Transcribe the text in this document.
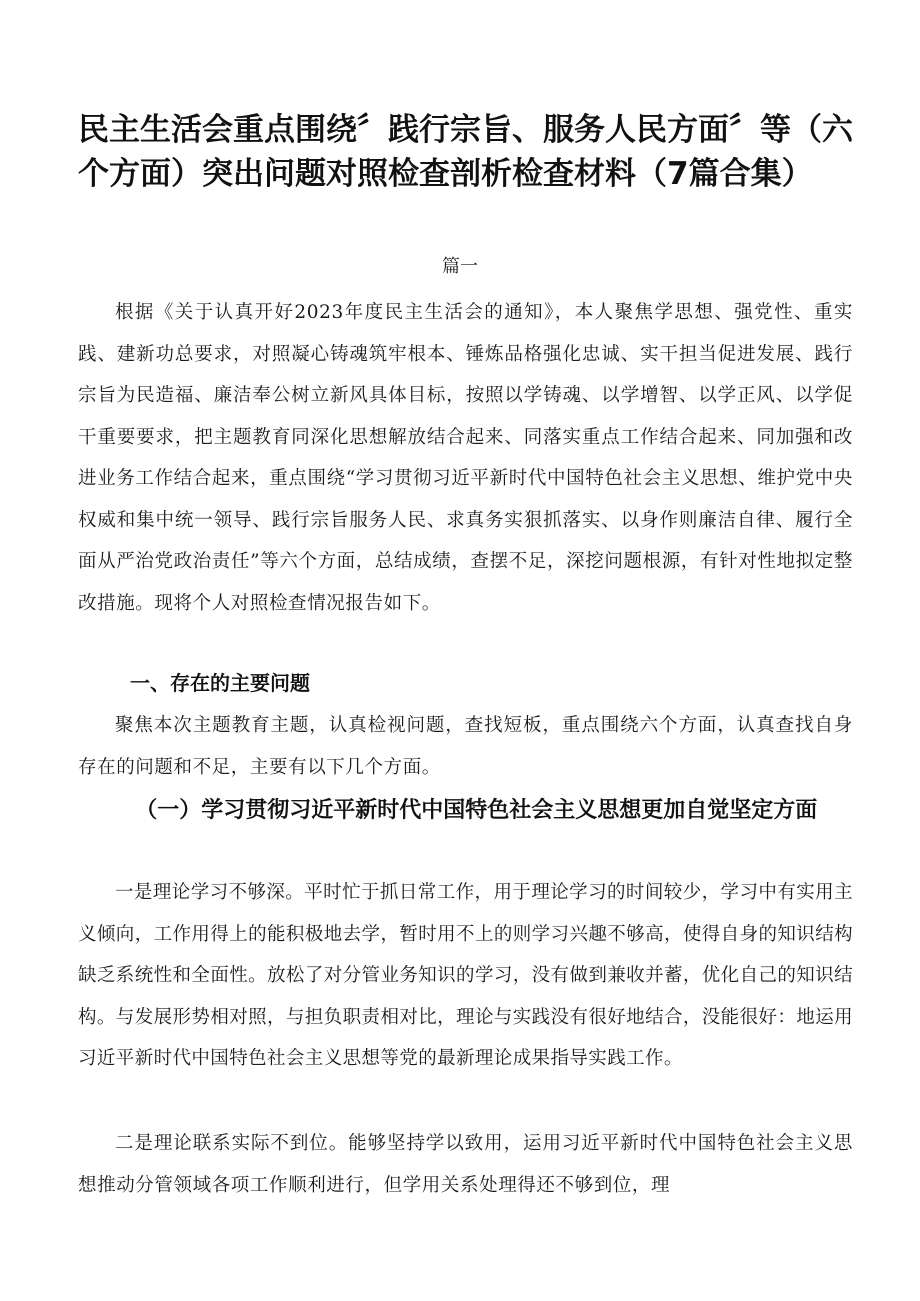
民主生活会重点围绕〞践行宗旨、服务人民方面〞等（六个方面）突出问题对照检查剖析检查材料（7篇合集）
篇一

根据《关于认真开好2023年度民主生活会的通知》，本人聚焦学思想、强党性、重实践、建新功总要求，对照凝心铸魂筑牢根本、锤炼品格强化忠诚、实干担当促进发展、践行宗旨为民造福、廉洁奉公树立新风具体目标，按照以学铸魂、以学增智、以学正风、以学促干重要要求，把主题教育同深化思想解放结合起来、同落实重点工作结合起来、同加强和改进业务工作结合起来，重点围绕“学习贯彻习近平新时代中国特色社会主义思想、维护党中央权威和集中统一领导、践行宗旨服务人民、求真务实狠抓落实、以身作则廉洁自律、履行全面从严治党政治责任”等六个方面，总结成绩，查摆不足，深挖问题根源，有针对性地拟定整改措施。现将个人对照检查情况报告如下。

一、存在的主要问题

聚焦本次主题教育主题，认真检视问题，查找短板，重点围绕六个方面，认真查找自身存在的问题和不足，主要有以下几个方面。

（一）学习贯彻习近平新时代中国特色社会主义思想更加自觉坚定方面

一是理论学习不够深。平时忙于抓日常工作，用于理论学习的时间较少，学习中有实用主义倾向，工作用得上的能积极地去学，暂时用不上的则学习兴趣不够高，使得自身的知识结构缺乏系统性和全面性。放松了对分管业务知识的学习，没有做到兼收并蓄，优化自己的知识结构。与发展形势相对照，与担负职责相对比，理论与实践没有很好地结合，没能很好：地运用习近平新时代中国特色社会主义思想等党的最新理论成果指导实践工作。

二是理论联系实际不到位。能够坚持学以致用，运用习近平新时代中国特色社会主义思想推动分管领域各项工作顺利进行，但学用关系处理得还不够到位，理
